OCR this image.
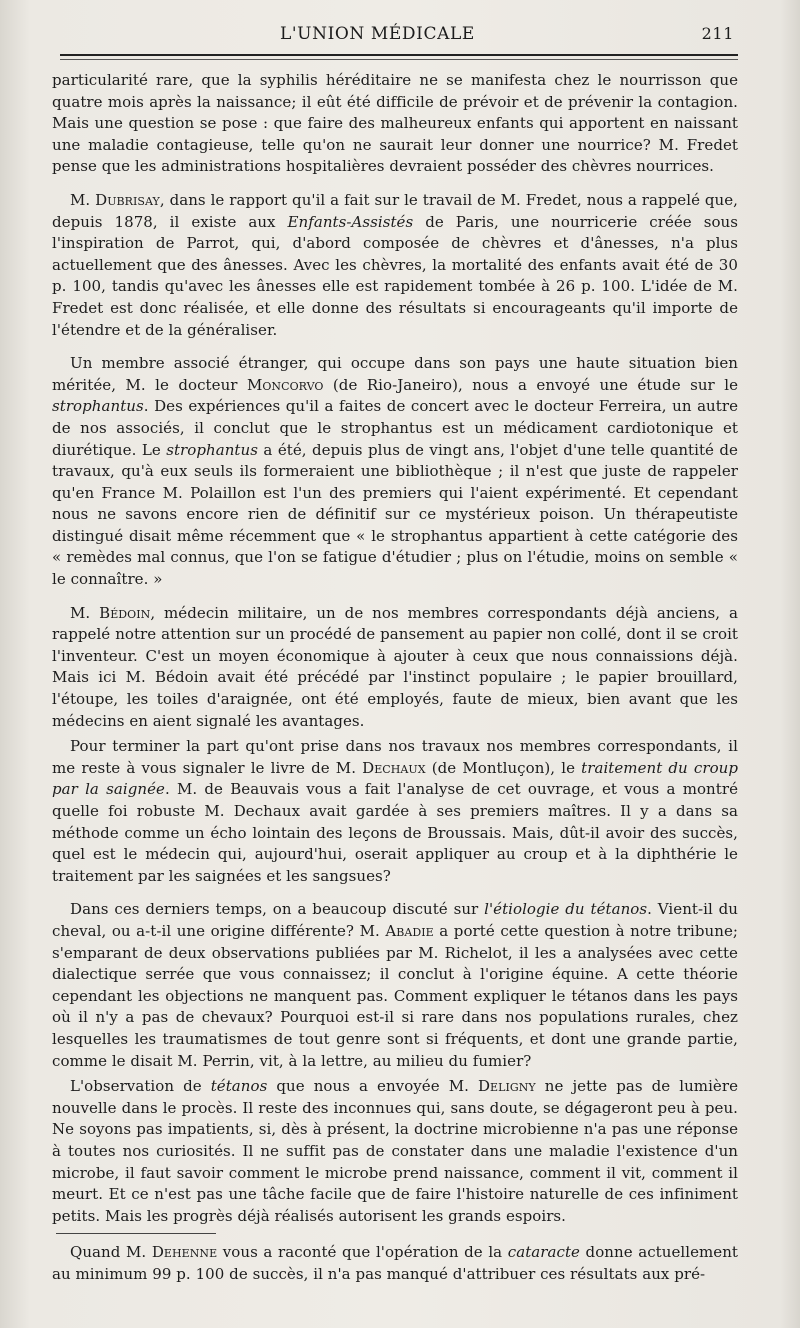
L'UNION MÉDICALE	211

particularité rare, que la syphilis héréditaire ne se manifesta chez le nourrisson que quatre mois après la naissance; il eût été difficile de prévoir et de prévenir la contagion. Mais une question se pose : que faire des malheureux enfants qui apportent en naissant une maladie contagieuse, telle qu'on ne saurait leur donner une nourrice? M. Fredet pense que les administrations hospitalières devraient posséder des chèvres nourrices.

M. Dubrisay, dans le rapport qu'il a fait sur le travail de M. Fredet, nous a rappelé que, depuis 1878, il existe aux Enfants-Assistés de Paris, une nourricerie créée sous l'inspiration de Parrot, qui, d'abord composée de chèvres et d'ânesses, n'a plus actuellement que des ânesses. Avec les chèvres, la mortalité des enfants avait été de 30 p. 100, tandis qu'avec les ânesses elle est rapidement tombée à 26 p. 100. L'idée de M. Fredet est donc réalisée, et elle donne des résultats si encourageants qu'il importe de l'étendre et de la généraliser.

Un membre associé étranger, qui occupe dans son pays une haute situation bien méritée, M. le docteur Moncorvo (de Rio-Janeiro), nous a envoyé une étude sur le strophantus. Des expériences qu'il a faites de concert avec le docteur Ferreira, un autre de nos associés, il conclut que le strophantus est un médicament cardiotonique et diurétique. Le strophantus a été, depuis plus de vingt ans, l'objet d'une telle quantité de travaux, qu'à eux seuls ils formeraient une bibliothèque ; il n'est que juste de rappeler qu'en France M. Polaillon est l'un des premiers qui l'aient expérimenté. Et cependant nous ne savons encore rien de définitif sur ce mystérieux poison. Un thérapeutiste distingué disait même récemment que « le strophantus appartient à cette catégorie des « remèdes mal connus, que l'on se fatigue d'étudier ; plus on l'étudie, moins on semble « le connaître. »

M. Bédoin, médecin militaire, un de nos membres correspondants déjà anciens, a rappelé notre attention sur un procédé de pansement au papier non collé, dont il se croit l'inventeur. C'est un moyen économique à ajouter à ceux que nous connaissions déjà. Mais ici M. Bédoin avait été précédé par l'instinct populaire ; le papier brouillard, l'étoupe, les toiles d'araignée, ont été employés, faute de mieux, bien avant que les médecins en aient signalé les avantages.

Pour terminer la part qu'ont prise dans nos travaux nos membres correspondants, il me reste à vous signaler le livre de M. Dechaux (de Montluçon), le traitement du croup par la saignée. M. de Beauvais vous a fait l'analyse de cet ouvrage, et vous a montré quelle foi robuste M. Dechaux avait gardée à ses premiers maîtres. Il y a dans sa méthode comme un écho lointain des leçons de Broussais. Mais, dût-il avoir des succès, quel est le médecin qui, aujourd'hui, oserait appliquer au croup et à la diphthérie le traitement par les saignées et les sangsues?

Dans ces derniers temps, on a beaucoup discuté sur l'étiologie du tétanos. Vient-il du cheval, ou a-t-il une origine différente? M. Abadie a porté cette question à notre tribune; s'emparant de deux observations publiées par M. Richelot, il les a analysées avec cette dialectique serrée que vous connaissez; il conclut à l'origine équine. A cette théorie cependant les objections ne manquent pas. Comment expliquer le tétanos dans les pays où il n'y a pas de chevaux? Pourquoi est-il si rare dans nos populations rurales, chez lesquelles les traumatismes de tout genre sont si fréquents, et dont une grande partie, comme le disait M. Perrin, vit, à la lettre, au milieu du fumier?

L'observation de tétanos que nous a envoyée M. Deligny ne jette pas de lumière nouvelle dans le procès. Il reste des inconnues qui, sans doute, se dégageront peu à peu. Ne soyons pas impatients, si, dès à présent, la doctrine microbienne n'a pas une réponse à toutes nos curiosités. Il ne suffit pas de constater dans une maladie l'existence d'un microbe, il faut savoir comment le microbe prend naissance, comment il vit, comment il meurt. Et ce n'est pas une tâche facile que de faire l'histoire naturelle de ces infiniment petits. Mais les progrès déjà réalisés autorisent les grands espoirs.

Quand M. Dehenne vous a raconté que l'opération de la cataracte donne actuellement au minimum 99 p. 100 de succès, il n'a pas manqué d'attribuer ces résultats aux pré-
